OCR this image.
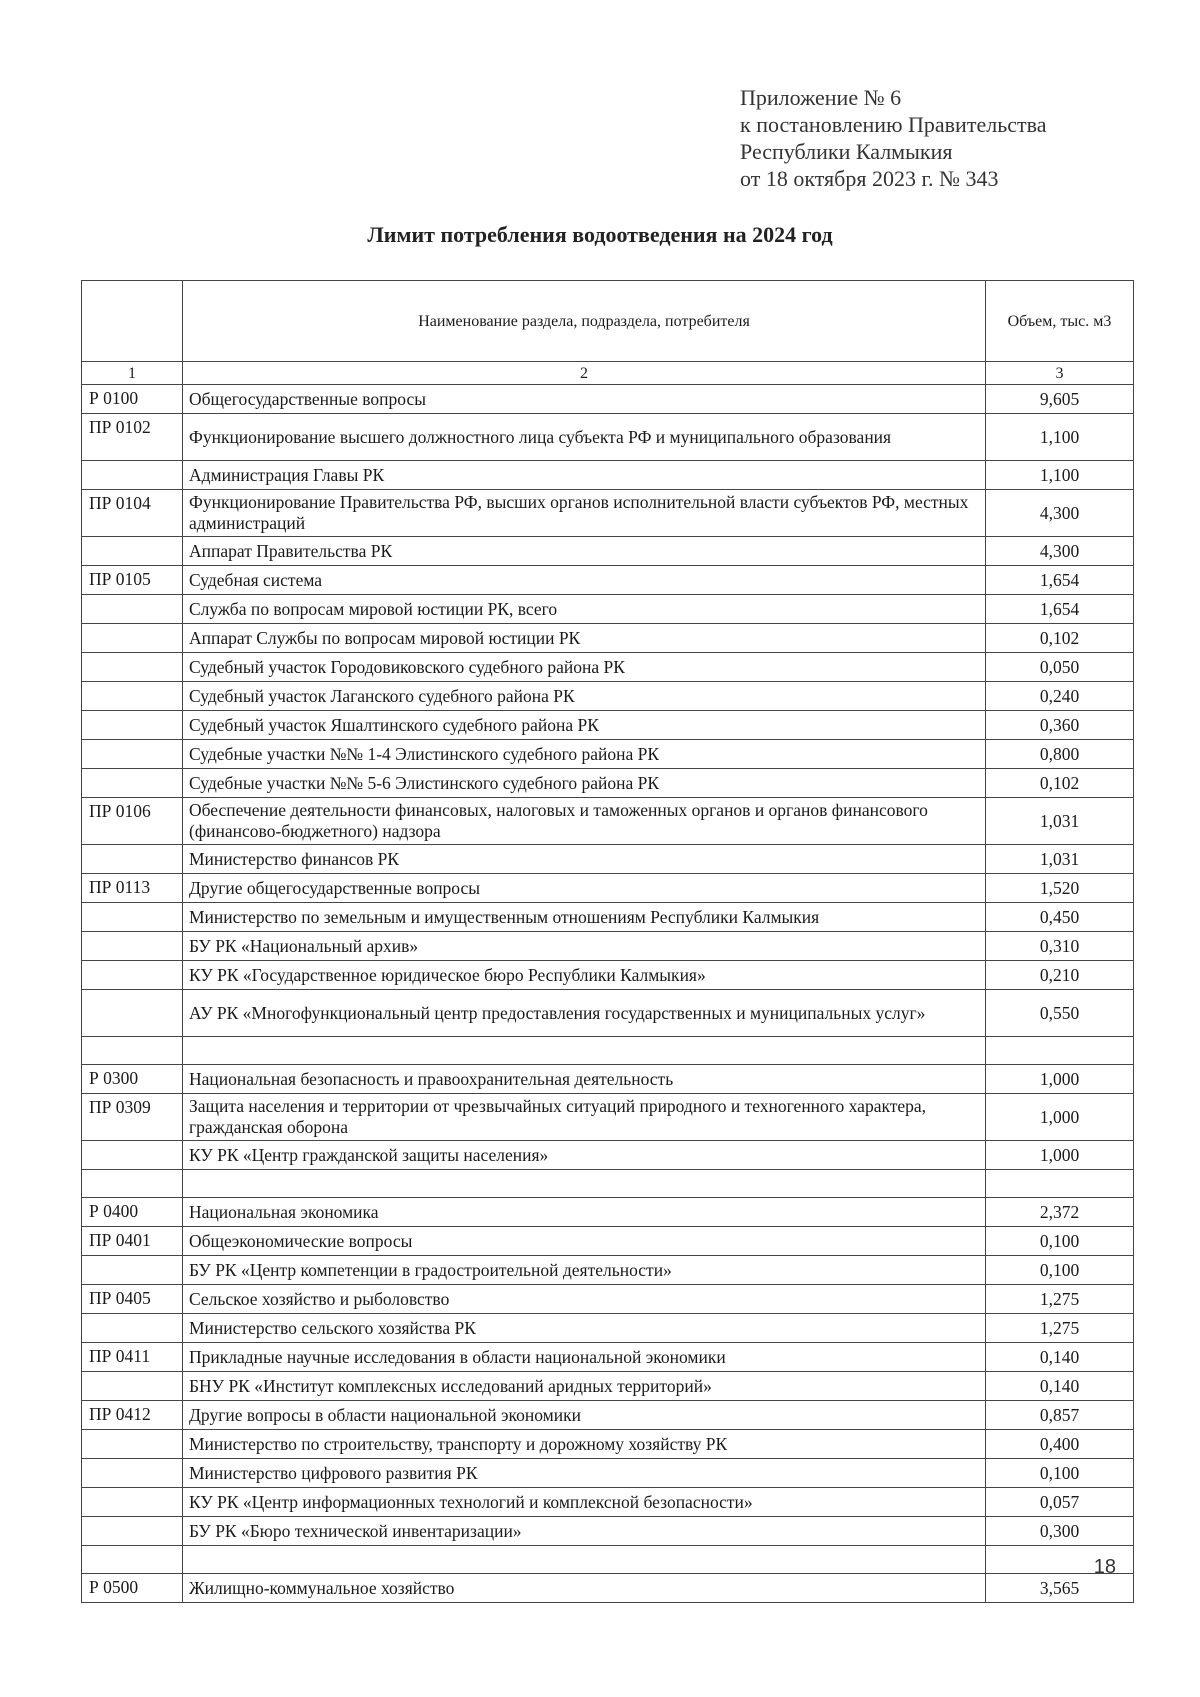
Приложение № 6
к постановлению Правительства
Республики Калмыкия
от 18 октября 2023 г. № 343
Лимит потребления водоотведения на 2024 год
	Наименование раздела, подраздела, потребителя	Объем, тыс. м3
1	2	3
Р 0100	Общегосударственные вопросы	9,605
ПР 0102	Функционирование высшего должностного лица субъекта РФ и муниципального образования	1,100
	Администрация Главы РК	1,100
ПР 0104	Функционирование Правительства РФ, высших органов исполнительной власти субъектов РФ, местных администраций	4,300
	Аппарат Правительства РК	4,300
ПР 0105	Судебная система	1,654
	Служба по вопросам мировой юстиции РК, всего	1,654
	Аппарат Службы по вопросам мировой юстиции РК	0,102
	Судебный участок Городовиковского судебного района РК	0,050
	Судебный участок Лаганского судебного района РК	0,240
	Судебный участок Яшалтинского судебного района РК	0,360
	Судебные участки №№ 1-4 Элистинского судебного района РК	0,800
	Судебные участки №№ 5-6 Элистинского судебного района РК	0,102
ПР 0106	Обеспечение деятельности финансовых, налоговых и таможенных органов и органов финансового (финансово-бюджетного) надзора	1,031
	Министерство финансов РК	1,031
ПР 0113	Другие общегосударственные вопросы	1,520
	Министерство по земельным и имущественным отношениям Республики Калмыкия	0,450
	БУ РК «Национальный архив»	0,310
	КУ РК «Государственное юридическое бюро Республики Калмыкия»	0,210
	АУ РК «Многофункциональный центр предоставления государственных и муниципальных услуг»	0,550

Р 0300	Национальная безопасность и правоохранительная деятельность	1,000
ПР 0309	Защита населения и территории от чрезвычайных ситуаций природного и техногенного характера, гражданская оборона	1,000
	КУ РК «Центр гражданской защиты населения»	1,000

Р 0400	Национальная экономика	2,372
ПР 0401	Общеэкономические вопросы	0,100
	БУ РК «Центр компетенции в градостроительной деятельности»	0,100
ПР 0405	Сельское хозяйство и рыболовство	1,275
	Министерство сельского хозяйства РК	1,275
ПР 0411	Прикладные научные исследования в области национальной экономики	0,140
	БНУ РК «Институт комплексных исследований аридных территорий»	0,140
ПР 0412	Другие вопросы в области национальной экономики	0,857
	Министерство по строительству, транспорту и дорожному хозяйству РК	0,400
	Министерство цифрового развития РК	0,100
	КУ РК «Центр информационных технологий и комплексной безопасности»	0,057
	БУ РК «Бюро технической инвентаризации»	0,300

Р 0500	Жилищно-коммунальное хозяйство	3,565
18
